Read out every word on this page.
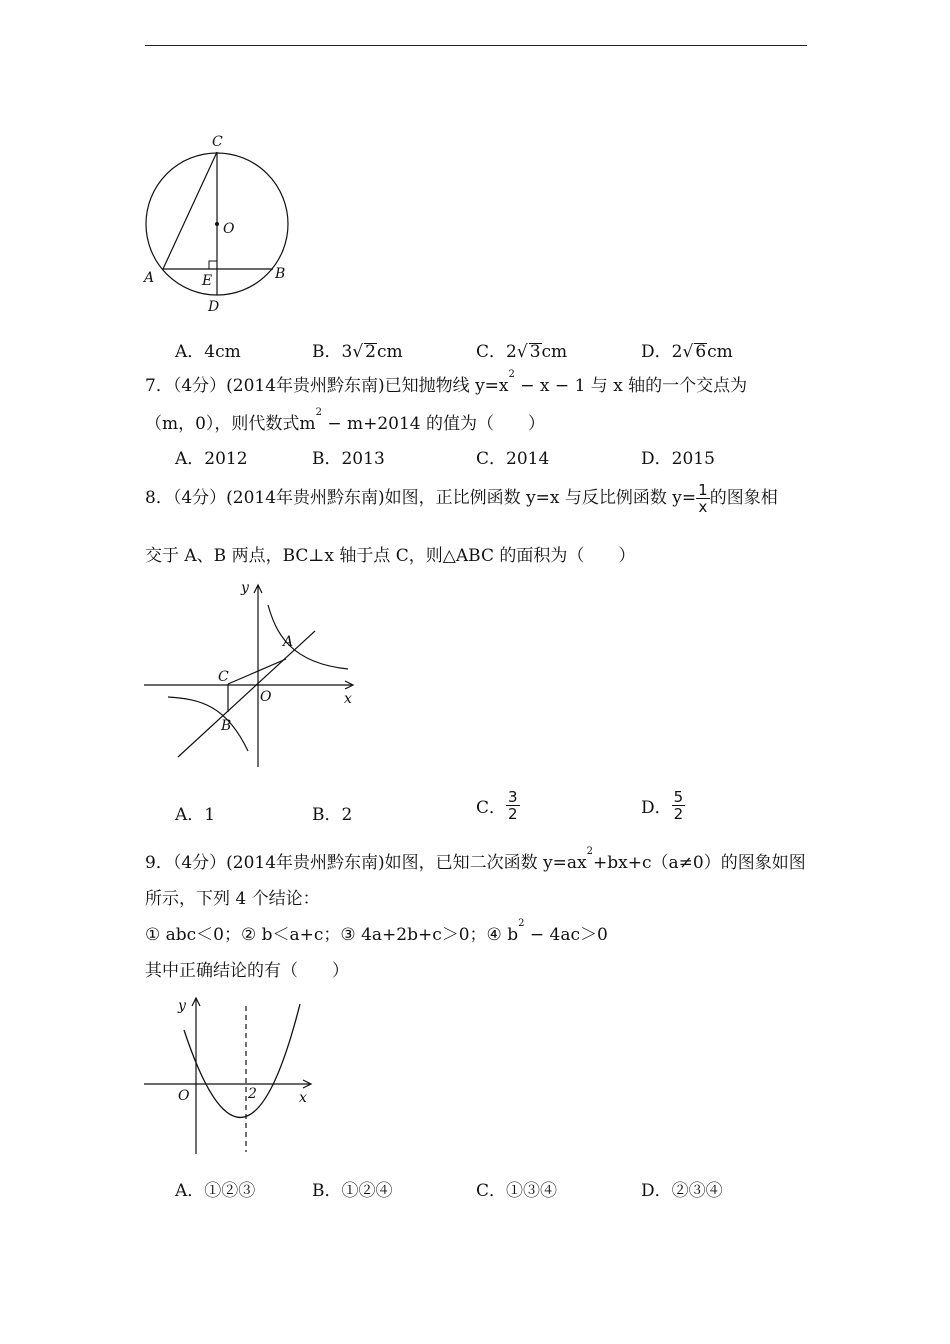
C
O
A	E	B
D
A．4cm	B．3√ 2cm	C．2√ 3cm	D．2√ 6cm
7．（4分）(2014年贵州黔东南)已知抛物线 $y=x^2 - x - 1$ 与 x 轴的一个交点为
（m，0），则代数式$m^2 - m+2014$ 的值为（　　）
A．2012	B．2013	C．2014	D．2015
8．（4分）(2014年贵州黔东南)如图，正比例函数 y=x 与反比例函数 $y= \frac{1}{x}$ 的图象相
交于 A、B 两点，BC⊥x 轴于点 C，则△ABC 的面积为（　　）
y
A
C
O	x
B
A．1	B．2	C． $\frac{3}{2}$	D． $\frac{5}{2}$
9．（4分）(2014年贵州黔东南)如图，已知二次函数 $y=ax^2+bx+c(a\ne 0)$的图象如图
所示，下列 4 个结论：
① abc＜0；② b＜a+c；③ 4a+2b+c＞0；④ $b^2 - 4ac>0$
其中正确结论的有（　　）
y
O	2	x
A．①②③	B．①②④	C．①③④	D．②③④
